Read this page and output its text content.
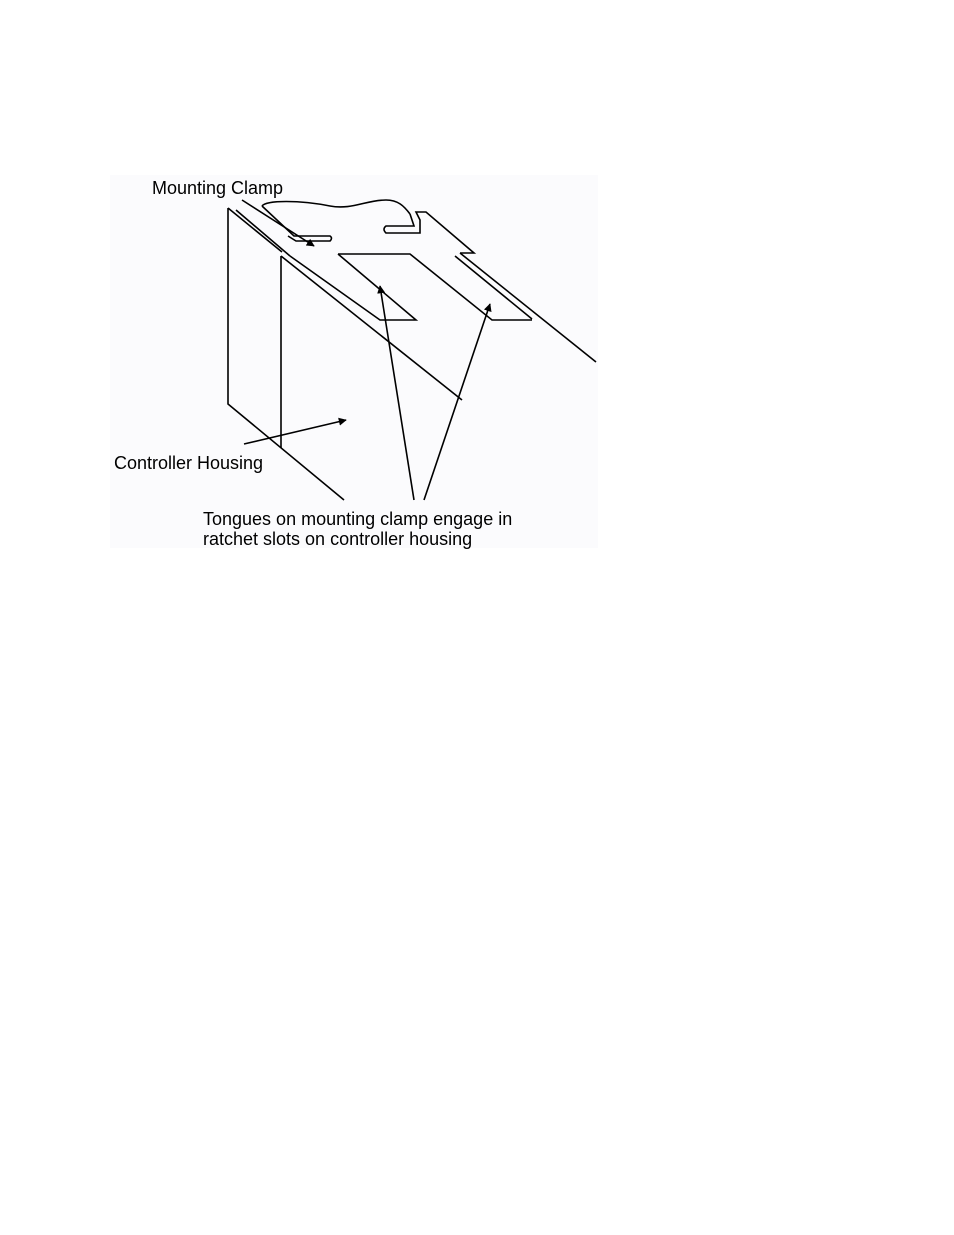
Mounting Clamp

Controller Housing

Tongues on mounting clamp engage in
ratchet slots on controller housing
